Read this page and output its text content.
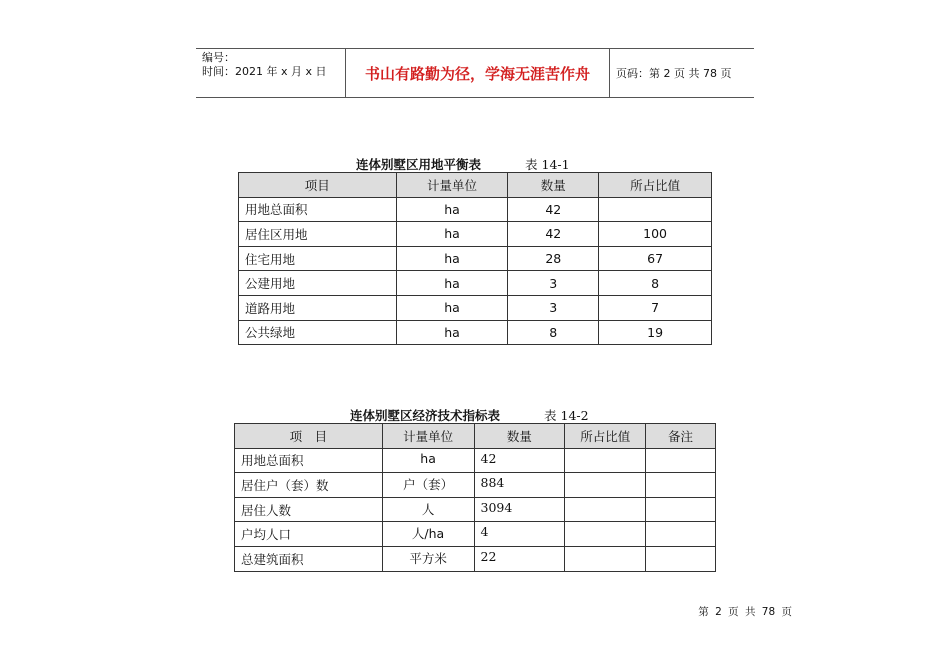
编号：
时间：2021 年 x 月 x 日	书山有路勤为径，学海无涯苦作舟	页码：第 2 页 共 78 页
连体别墅区用地平衡表	表 14-1
项目	计量单位	数量	所占比值
用地总面积	ha	42	
居住区用地	ha	42	100
住宅用地	ha	28	67
公建用地	ha	3	8
道路用地	ha	3	7
公共绿地	ha	8	19
连体别墅区经济技术指标表	表 14-2
项　目	计量单位	数量	所占比值	备注
用地总面积	ha	42		
居住户（套）数	户（套）	884		
居住人数	人	3094		
户均人口	人/ha	4		
总建筑面积	平方米	22		
第 2 页 共 78 页
